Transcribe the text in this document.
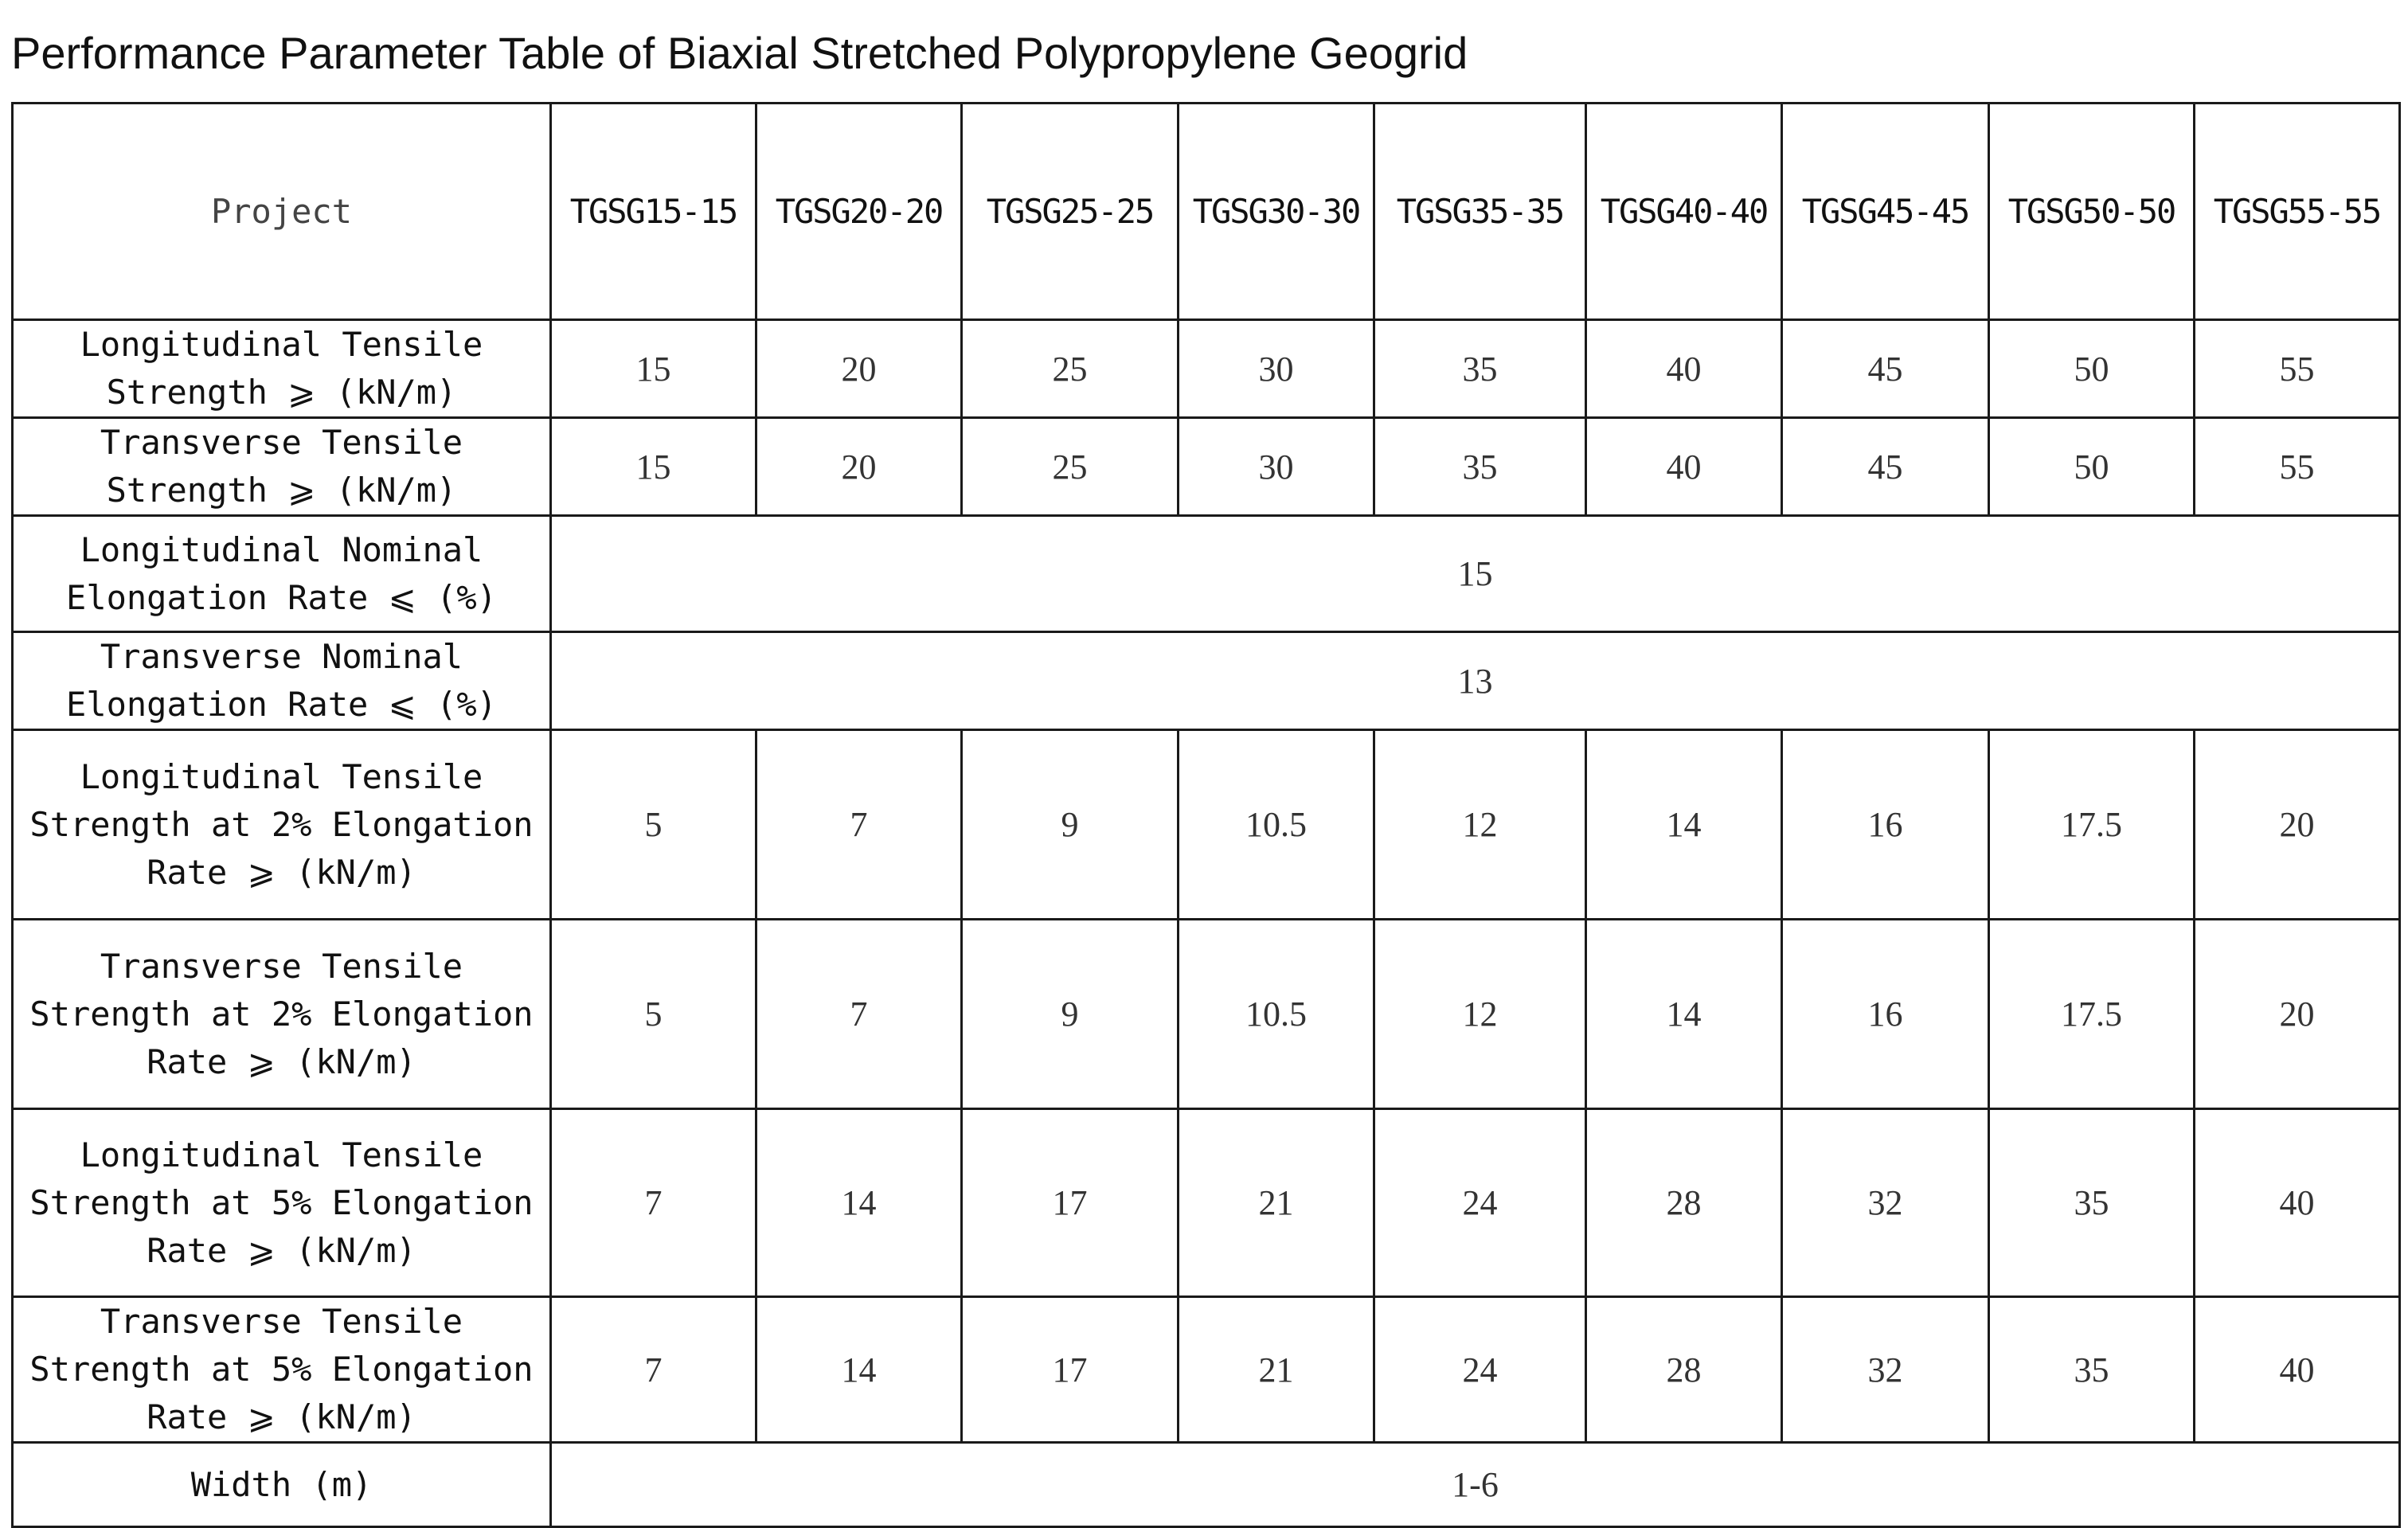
Performance Parameter Table of Biaxial Stretched Polypropylene Geogrid
Project	TGSG15-15	TGSG20-20	TGSG25-25	TGSG30-30	TGSG35-35	TGSG40-40	TGSG45-45	TGSG50-50	TGSG55-55
Longitudinal Tensile Strength ⩾ (kN/m)	15	20	25	30	35	40	45	50	55
Transverse Tensile Strength ⩾ (kN/m)	15	20	25	30	35	40	45	50	55
Longitudinal Nominal Elongation Rate ⩽ (%)	15								
Transverse Nominal Elongation Rate ⩽ (%)	13								
Longitudinal Tensile Strength at 2% Elongation Rate ⩾ (kN/m)	5	7	9	10.5	12	14	16	17.5	20
Transverse Tensile Strength at 2% Elongation Rate ⩾ (kN/m)	5	7	9	10.5	12	14	16	17.5	20
Longitudinal Tensile Strength at 5% Elongation Rate ⩾ (kN/m)	7	14	17	21	24	28	32	35	40
Transverse Tensile Strength at 5% Elongation Rate ⩾ (kN/m)	7	14	17	21	24	28	32	35	40
Width (m)	1-6								
